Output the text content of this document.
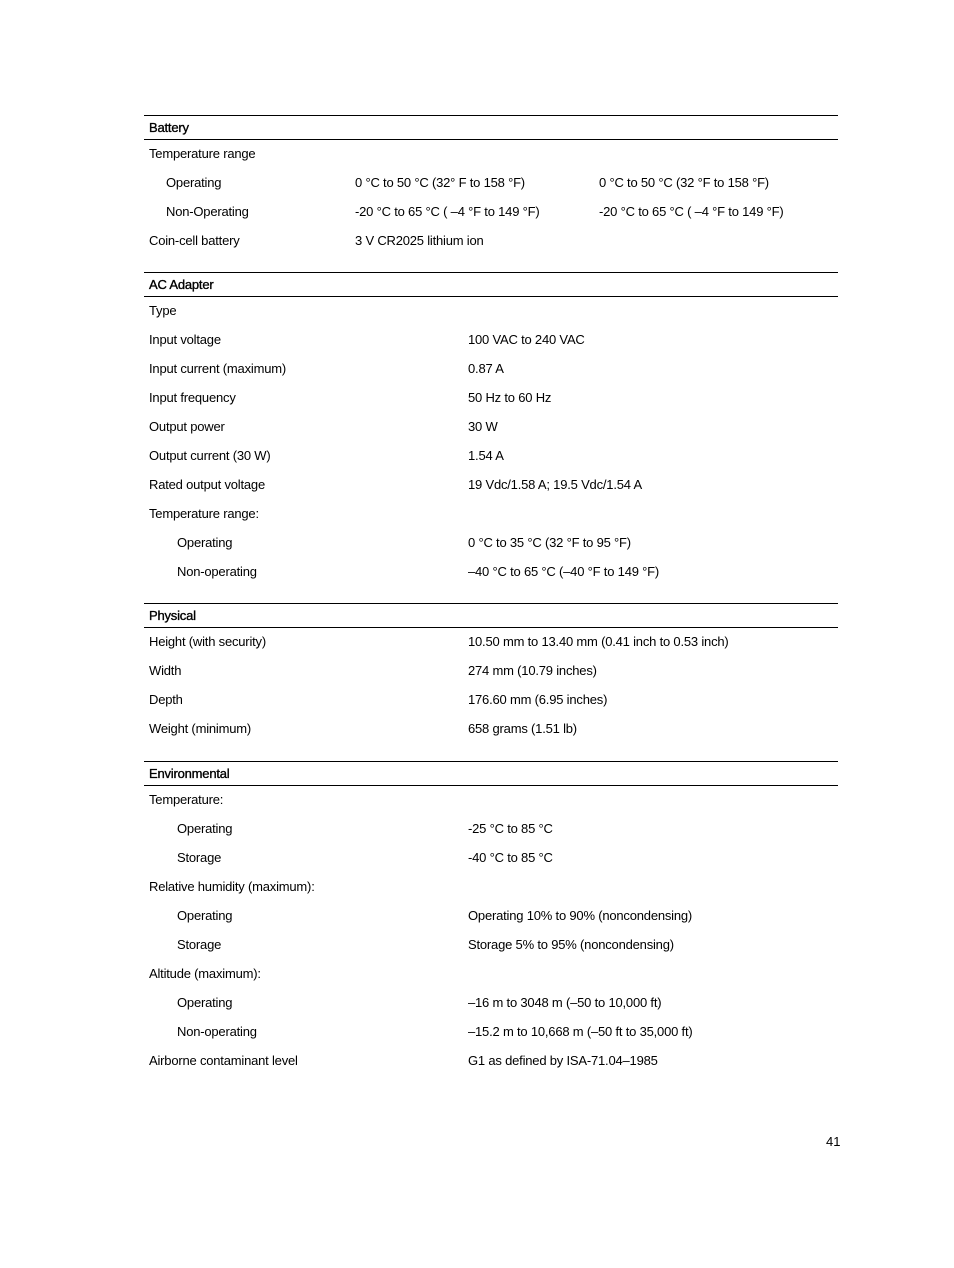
Battery
Temperature range
Operating	0 °C to 50 °C (32° F to 158 °F)	0 °C to 50 °C (32 °F to 158 °F)
Non-Operating	-20 °C to 65 °C ( –4 °F to 149 °F)	-20 °C to 65 °C ( –4 °F to 149 °F)
Coin-cell battery	3 V CR2025 lithium ion
AC Adapter
Type
Input voltage	100 VAC to 240 VAC
Input current (maximum)	0.87 A
Input frequency	50 Hz to 60 Hz
Output power	30 W
Output current (30 W)	1.54 A
Rated output voltage	19 Vdc/1.58 A; 19.5 Vdc/1.54 A
Temperature range:
Operating	0 °C to 35 °C (32 °F to 95 °F)
Non-operating	–40 °C to 65 °C (–40 °F to 149 °F)
Physical
Height (with security)	10.50 mm to 13.40 mm (0.41 inch to 0.53 inch)
Width	274 mm (10.79 inches)
Depth	176.60 mm (6.95 inches)
Weight (minimum)	658 grams (1.51 lb)
Environmental
Temperature:
Operating	-25 °C to 85 °C
Storage	-40 °C to 85 °C
Relative humidity (maximum):
Operating	Operating 10% to 90% (noncondensing)
Storage	Storage 5% to 95% (noncondensing)
Altitude (maximum):
Operating	–16 m to 3048 m (–50 to 10,000 ft)
Non-operating	–15.2 m to 10,668 m (–50 ft to 35,000 ft)
Airborne contaminant level	G1 as defined by ISA-71.04–1985
41
